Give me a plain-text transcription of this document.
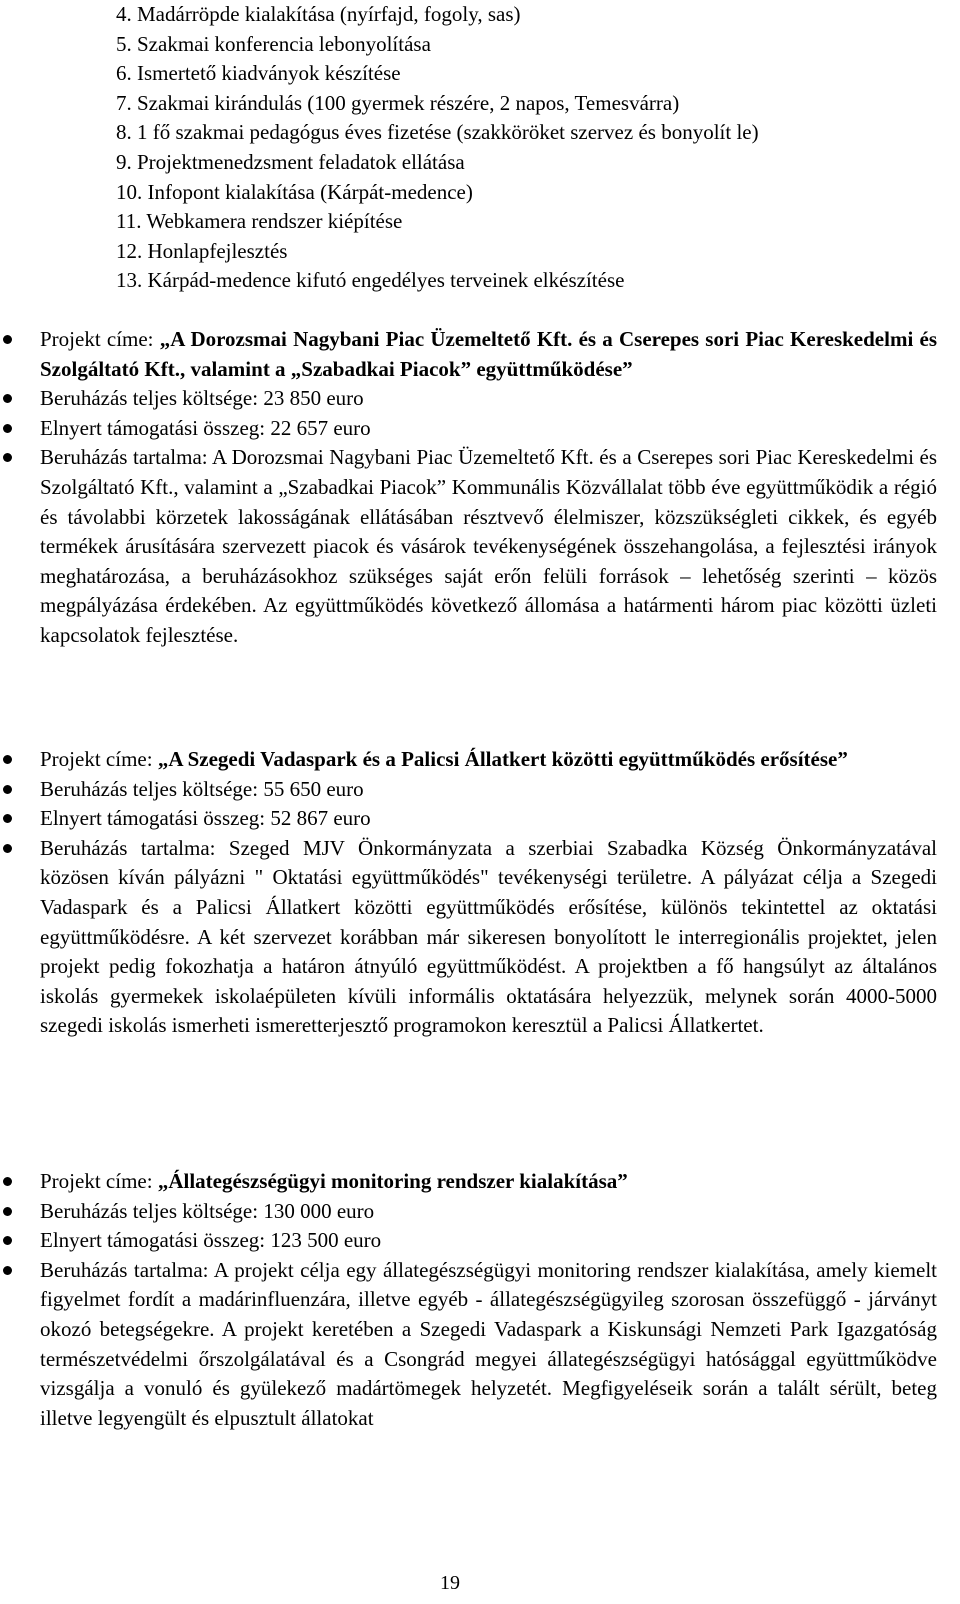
4. Madárröpde kialakítása (nyírfajd, fogoly, sas)
5. Szakmai konferencia lebonyolítása
6. Ismertető kiadványok készítése
7. Szakmai kirándulás (100 gyermek részére, 2 napos, Temesvárra)
8. 1 fő szakmai pedagógus éves fizetése (szakköröket szervez és bonyolít le)
9. Projektmenedzsment feladatok ellátása
10. Infopont kialakítása (Kárpát-medence)
11. Webkamera rendszer kiépítése
12. Honlapfejlesztés
13. Kárpád-medence kifutó engedélyes terveinek elkészítése
Projekt címe: „A Dorozsmai Nagybani Piac Üzemeltető Kft. és a Cserepes sori Piac Kereskedelmi és Szolgáltató Kft., valamint a „Szabadkai Piacok” együttműködése”
Beruházás teljes költsége: 23 850 euro
Elnyert támogatási összeg: 22 657 euro
Beruházás tartalma: A Dorozsmai Nagybani Piac Üzemeltető Kft. és a Cserepes sori Piac Kereskedelmi és Szolgáltató Kft., valamint a „Szabadkai Piacok” Kommunális Közvállalat több éve együttműködik a régió és távolabbi körzetek lakosságának ellátásában résztvevő élelmiszer, közszükségleti cikkek, és egyéb termékek árusítására szervezett piacok és vásárok tevékenységének összehangolása, a fejlesztési irányok meghatározása, a beruházásokhoz szükséges saját erőn felüli források – lehetőség szerinti – közös megpályázása érdekében. Az együttműködés következő állomása a határmenti három piac közötti üzleti kapcsolatok fejlesztése.
Projekt címe: „A Szegedi Vadaspark és a Palicsi Állatkert közötti együttműködés erősítése”
Beruházás teljes költsége: 55 650 euro
Elnyert támogatási összeg: 52 867 euro
Beruházás tartalma: Szeged MJV Önkormányzata a szerbiai Szabadka Község Önkormányzatával közösen kíván pályázni " Oktatási együttműködés" tevékenységi területre. A pályázat célja a Szegedi Vadaspark és a Palicsi Állatkert közötti együttműködés erősítése, különös tekintettel az oktatási együttműködésre. A két szervezet korábban már sikeresen bonyolított le interregionális projektet, jelen projekt pedig fokozhatja a határon átnyúló együttműködést. A projektben a fő hangsúlyt az általános iskolás gyermekek iskolaépületen kívüli informális oktatására helyezzük, melynek során 4000-5000 szegedi iskolás ismerheti ismeretterjesztő programokon keresztül a Palicsi Állatkertet.
Projekt címe: „Állategészségügyi monitoring rendszer kialakítása”
Beruházás teljes költsége: 130 000 euro
Elnyert támogatási összeg: 123 500 euro
Beruházás tartalma: A projekt célja egy állategészségügyi monitoring rendszer kialakítása, amely kiemelt figyelmet fordít a madárinfluenzára, illetve egyéb - állategészségügyileg szorosan összefüggő - járványt okozó betegségekre. A projekt keretében a Szegedi Vadaspark a Kiskunsági Nemzeti Park Igazgatóság természetvédelmi őrszolgálatával és a Csongrád megyei állategészségügyi hatósággal együttműködve vizsgálja a vonuló és gyülekező madártömegek helyzetét. Megfigyeléseik során a talált sérült, beteg illetve legyengült és elpusztult állatokat
19
